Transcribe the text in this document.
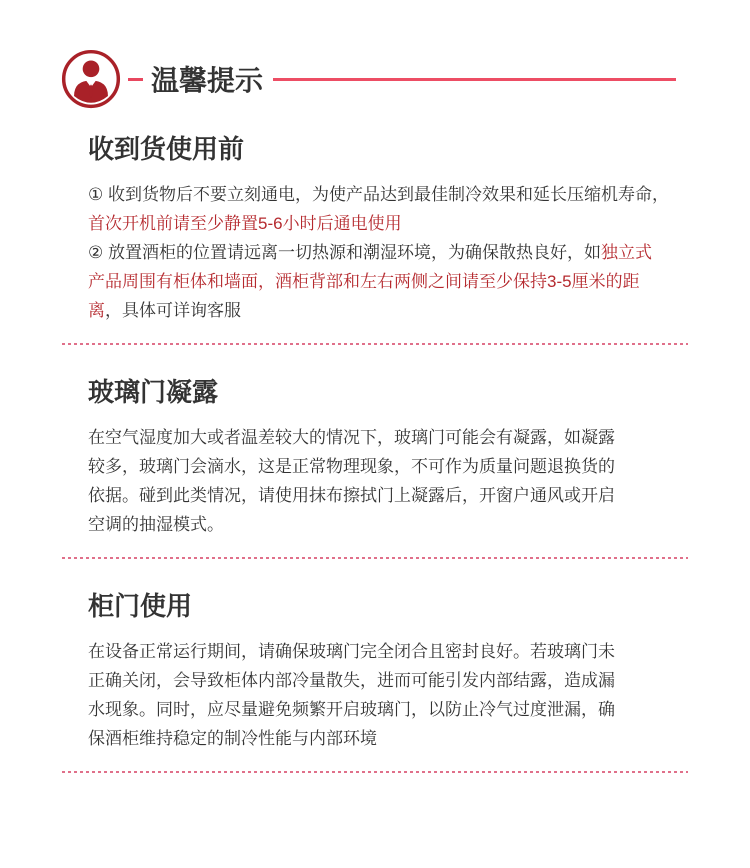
温馨提示
收到货使用前
① 收到货物后不要立刻通电，为使产品达到最佳制冷效果和延长压缩机寿命，
首次开机前请至少静置5-6小时后通电使用
② 放置酒柜的位置请远离一切热源和潮湿环境，为确保散热良好，如独立式
产品周围有柜体和墙面，酒柜背部和左右两侧之间请至少保持3-5厘米的距
离，具体可详询客服
玻璃门凝露
在空气湿度加大或者温差较大的情况下，玻璃门可能会有凝露，如凝露
较多，玻璃门会滴水，这是正常物理现象，不可作为质量问题退换货的
依据。碰到此类情况，请使用抹布擦拭门上凝露后，开窗户通风或开启
空调的抽湿模式。
柜门使用
在设备正常运行期间，请确保玻璃门完全闭合且密封良好。若玻璃门未
正确关闭，会导致柜体内部冷量散失，进而可能引发内部结露，造成漏
水现象。同时，应尽量避免频繁开启玻璃门，以防止冷气过度泄漏，确
保酒柜维持稳定的制冷性能与内部环境
